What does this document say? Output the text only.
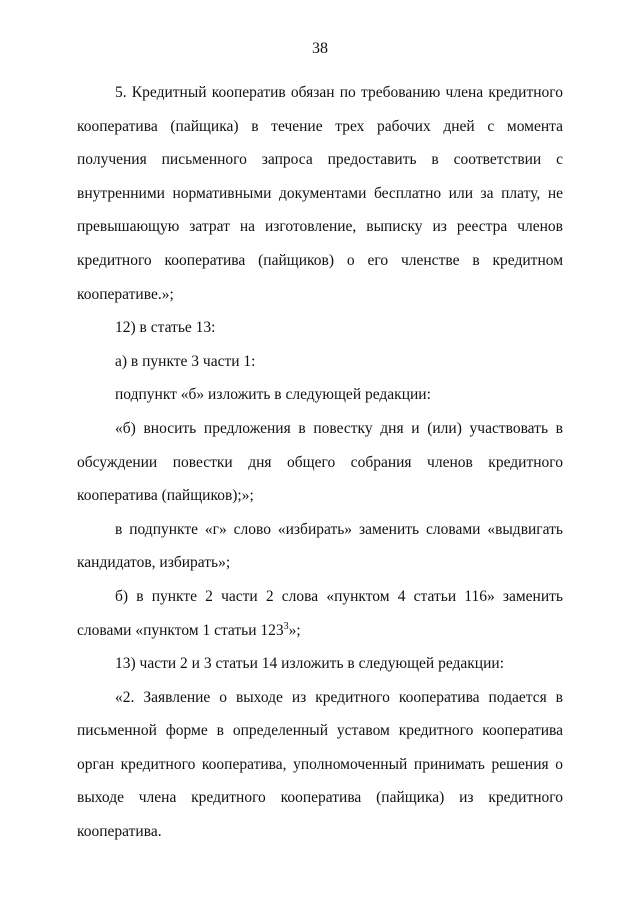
38

5. Кредитный кооператив обязан по требованию члена кредитного кооператива (пайщика) в течение трех рабочих дней с момента получения письменного запроса предоставить в соответствии с внутренними нормативными документами бесплатно или за плату, не превышающую затрат на изготовление, выписку из реестра членов кредитного кооператива (пайщиков) о его членстве в кредитном кооперативе.»;

12) в статье 13:

а) в пункте 3 части 1:

подпункт «б» изложить в следующей редакции:

«б) вносить предложения в повестку дня и (или) участвовать в обсуждении повестки дня общего собрания членов кредитного кооператива (пайщиков);»;

в подпункте «г» слово «избирать» заменить словами «выдвигать кандидатов, избирать»;

б) в пункте 2 части 2 слова «пунктом 4 статьи 116» заменить словами «пунктом 1 статьи $123^3$»;

13) части 2 и 3 статьи 14 изложить в следующей редакции:

«2. Заявление о выходе из кредитного кооператива подается в письменной форме в определенный уставом кредитного кооператива орган кредитного кооператива, уполномоченный принимать решения о выходе члена кредитного кооператива (пайщика) из кредитного кооператива.
